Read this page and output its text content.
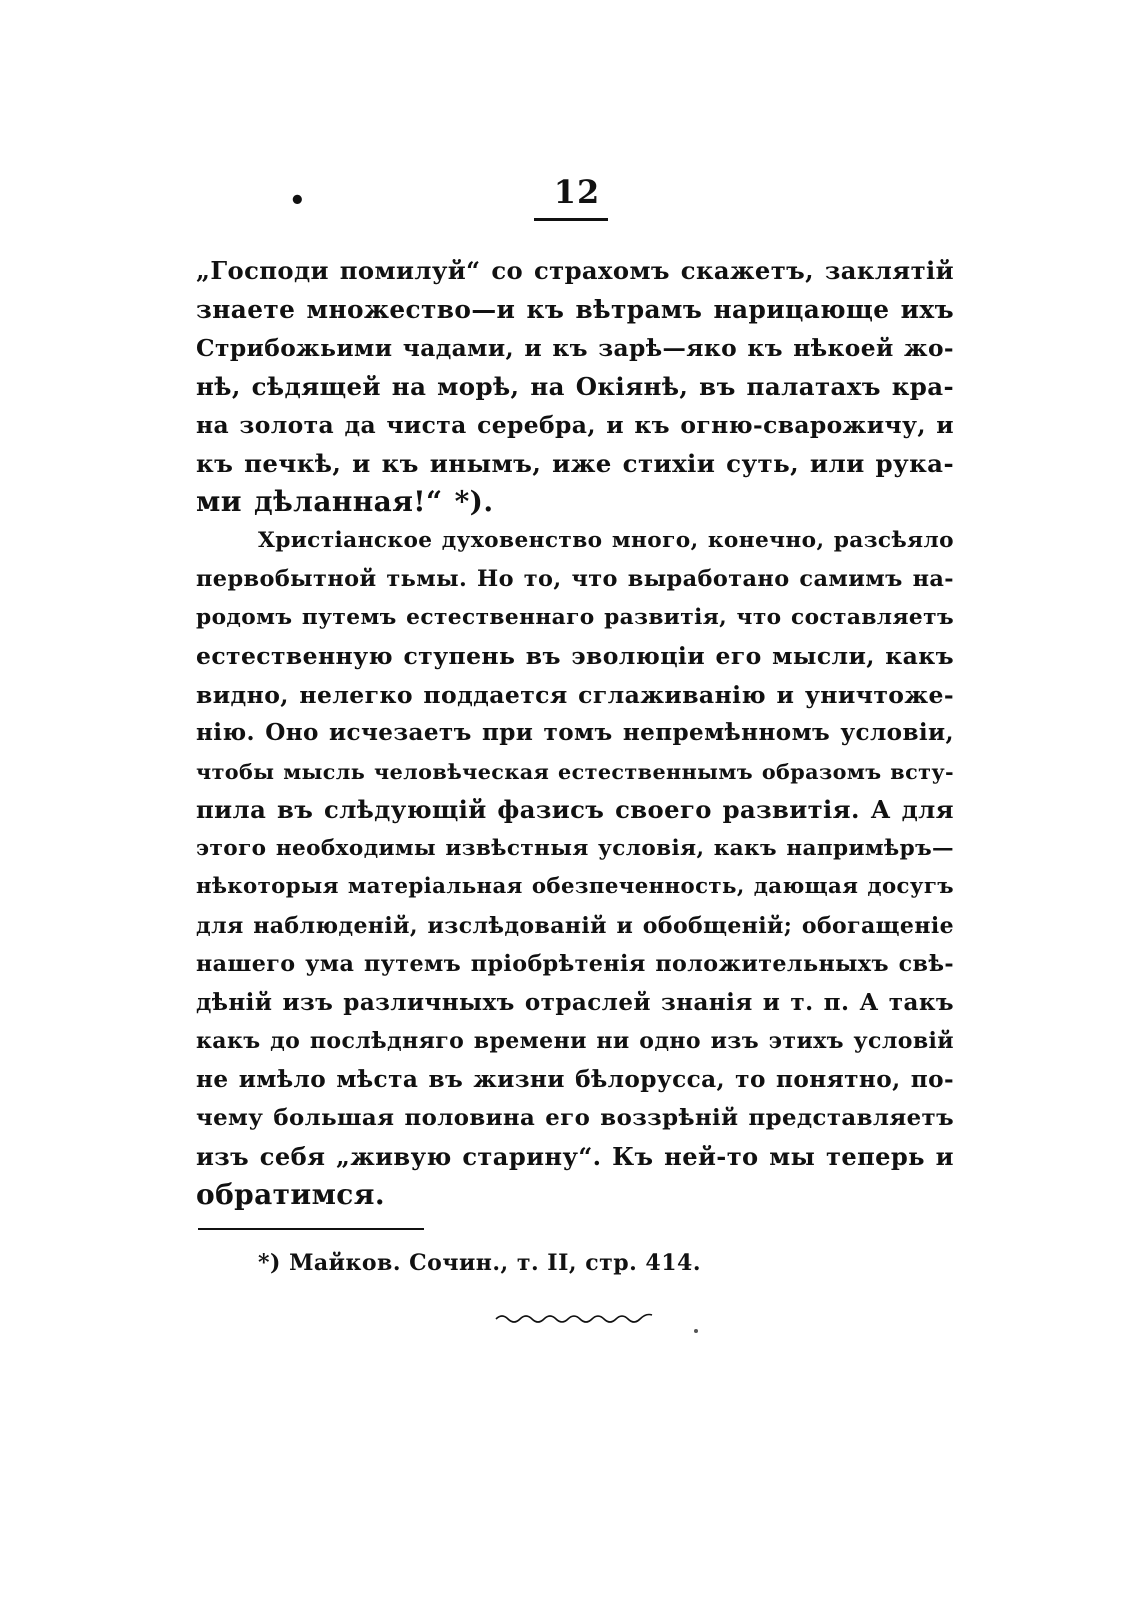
•	12

„Господи помилуй“ со страхомъ скажетъ, заклятій
знаете множество—и къ вѣтрамъ нарицающе ихъ
Стрибожьими чадами, и къ зарѣ—яко къ нѣкоей жо-
нѣ, сѣдящей на морѣ, на Окіянѣ, въ палатахъ кра-
на золота да чиста серебра, и къ огню-сварожичу, и
къ печкѣ, и къ инымъ, иже стихіи суть, или рука-
ми дѣланная!“ *).

Христіанское духовенство много, конечно, разсѣяло
первобытной тьмы. Но то, что выработано самимъ на-
родомъ путемъ естественнаго развитія, что составляетъ
естественную ступень въ эволюціи его мысли, какъ
видно, нелегко поддается сглаживанію и уничтоже-
нію. Оно исчезаетъ при томъ непремѣнномъ условіи,
чтобы мысль человѣческая естественнымъ образомъ всту-
пила въ слѣдующій фазисъ своего развитія. А для
этого необходимы извѣстныя условія, какъ напримѣръ—
нѣкоторыя матеріальная обезпеченность, дающая досугъ
для наблюденій, изслѣдованій и обобщеній; обогащеніе
нашего ума путемъ пріобрѣтенія положительныхъ свѣ-
дѣній изъ различныхъ отраслей знанія и т. п. А такъ
какъ до послѣдняго времени ни одно изъ этихъ условій
не имѣло мѣста въ жизни бѣлорусса, то понятно, по-
чему большая половина его воззрѣній представляетъ
изъ себя „живую старину“. Къ ней-то мы теперь и
обратимся.

*) Майков. Сочин., т. II, стр. 414.
